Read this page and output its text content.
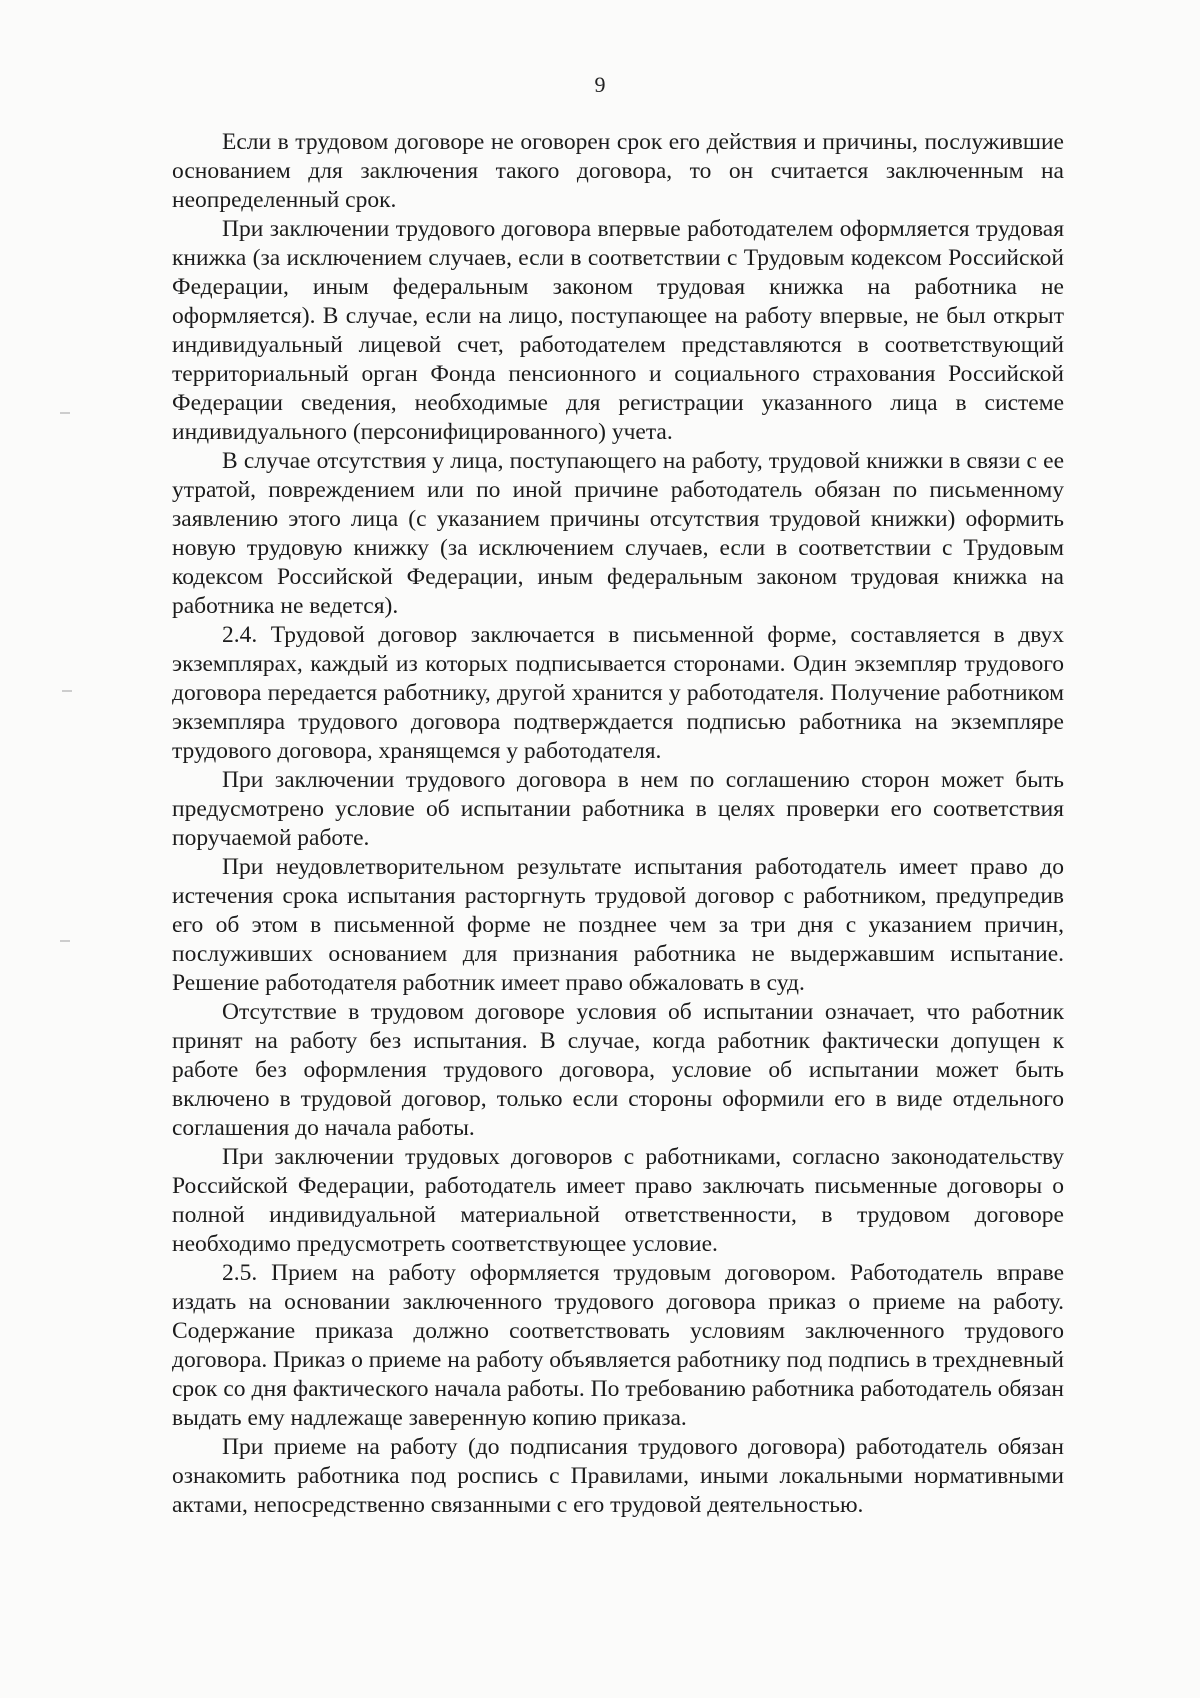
9

Если в трудовом договоре не оговорен срок его действия и причины, послужившие основанием для заключения такого договора, то он считается заключенным на неопределенный срок.

При заключении трудового договора впервые работодателем оформляется трудовая книжка (за исключением случаев, если в соответствии с Трудовым кодексом Российской Федерации, иным федеральным законом трудовая книжка на работника не оформляется). В случае, если на лицо, поступающее на работу впервые, не был открыт индивидуальный лицевой счет, работодателем представляются в соответствующий территориальный орган Фонда пенсионного и социального страхования Российской Федерации сведения, необходимые для регистрации указанного лица в системе индивидуального (персонифицированного) учета.

В случае отсутствия у лица, поступающего на работу, трудовой книжки в связи с ее утратой, повреждением или по иной причине работодатель обязан по письменному заявлению этого лица (с указанием причины отсутствия трудовой книжки) оформить новую трудовую книжку (за исключением случаев, если в соответствии с Трудовым кодексом Российской Федерации, иным федеральным законом трудовая книжка на работника не ведется).

2.4. Трудовой договор заключается в письменной форме, составляется в двух экземплярах, каждый из которых подписывается сторонами. Один экземпляр трудового договора передается работнику, другой хранится у работодателя. Получение работником экземпляра трудового договора подтверждается подписью работника на экземпляре трудового договора, хранящемся у работодателя.

При заключении трудового договора в нем по соглашению сторон может быть предусмотрено условие об испытании работника в целях проверки его соответствия поручаемой работе.

При неудовлетворительном результате испытания работодатель имеет право до истечения срока испытания расторгнуть трудовой договор с работником, предупредив его об этом в письменной форме не позднее чем за три дня с указанием причин, послуживших основанием для признания работника не выдержавшим испытание. Решение работодателя работник имеет право обжаловать в суд.

Отсутствие в трудовом договоре условия об испытании означает, что работник принят на работу без испытания. В случае, когда работник фактически допущен к работе без оформления трудового договора, условие об испытании может быть включено в трудовой договор, только если стороны оформили его в виде отдельного соглашения до начала работы.

При заключении трудовых договоров с работниками, согласно законодательству Российской Федерации, работодатель имеет право заключать письменные договоры о полной индивидуальной материальной ответственности, в трудовом договоре необходимо предусмотреть соответствующее условие.

2.5. Прием на работу оформляется трудовым договором. Работодатель вправе издать на основании заключенного трудового договора приказ о приеме на работу. Содержание приказа должно соответствовать условиям заключенного трудового договора. Приказ о приеме на работу объявляется работнику под подпись в трехдневный срок со дня фактического начала работы. По требованию работника работодатель обязан выдать ему надлежаще заверенную копию приказа.

При приеме на работу (до подписания трудового договора) работодатель обязан ознакомить работника под роспись с Правилами, иными локальными нормативными актами, непосредственно связанными с его трудовой деятельностью.
